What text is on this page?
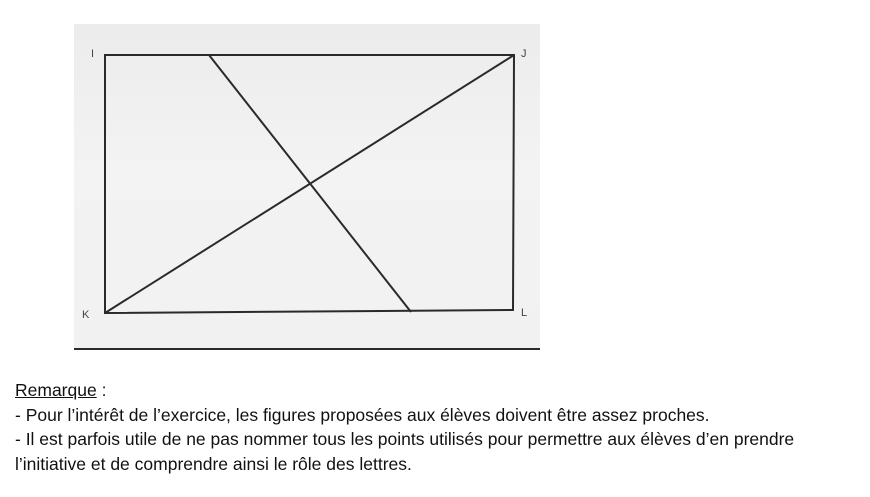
I	J
K	L
Remarque :
- Pour l’intérêt de l’exercice, les figures proposées aux élèves doivent être assez proches.
- Il est parfois utile de ne pas nommer tous les points utilisés pour permettre aux élèves d’en prendre
l’initiative et de comprendre ainsi le rôle des lettres.
